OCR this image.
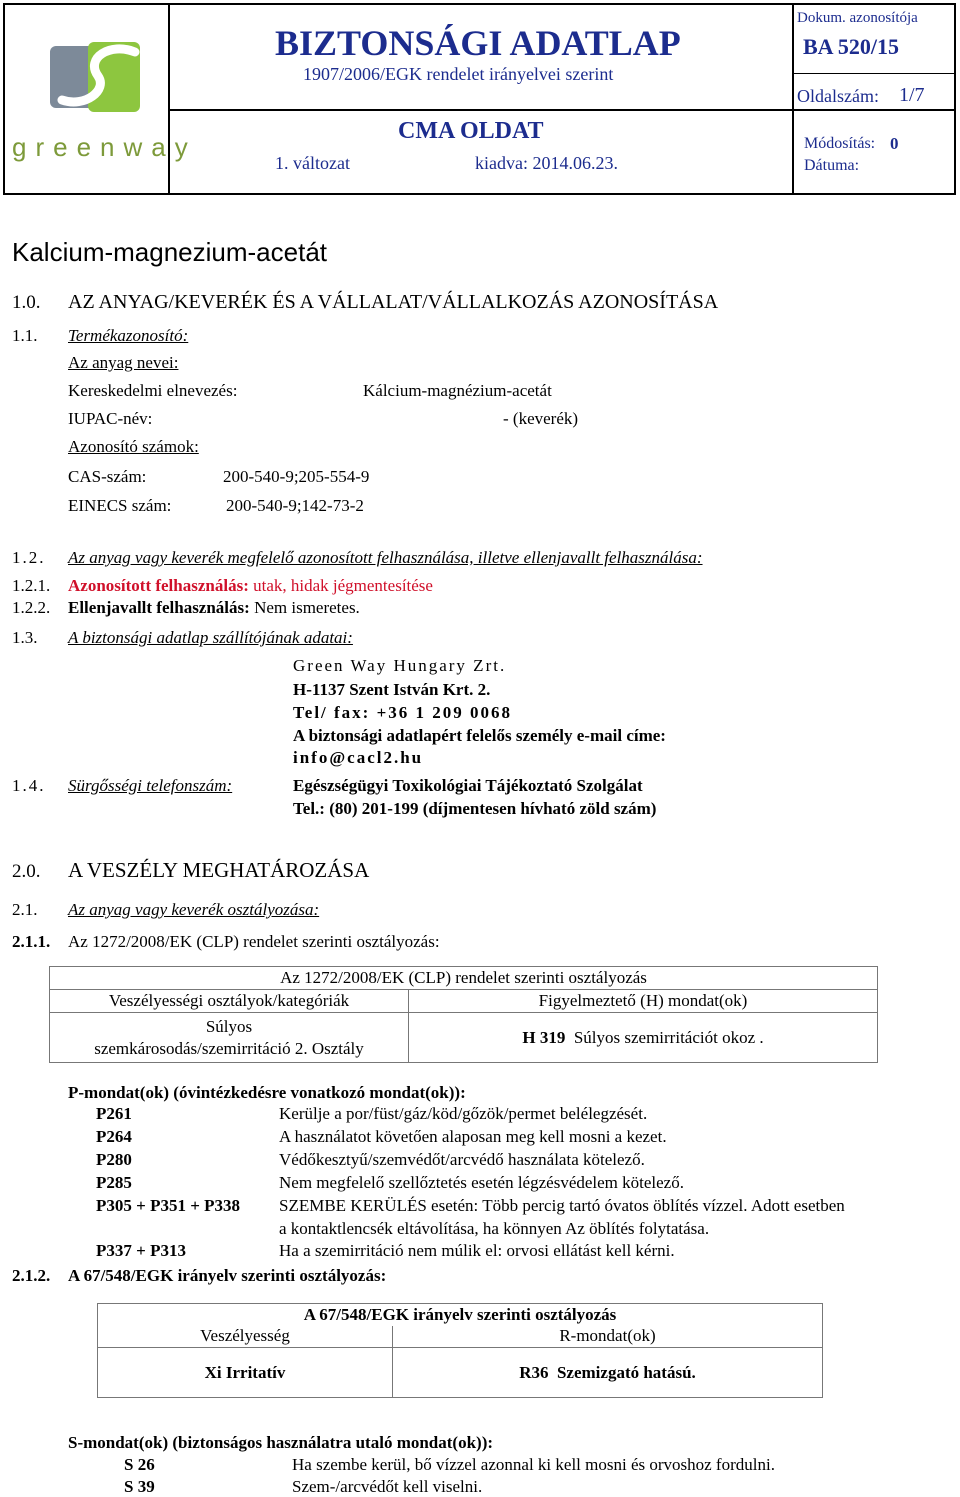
greenway
BIZTONSÁGI ADATLAP
1907/2006/EGK rendelet irányelvei szerint
CMA OLDAT
1. változat	kiadva: 2014.06.23.
Dokum. azonosítója
BA 520/15
Oldalszám: 1/7
Módosítás: 0
Dátuma:
Kalcium-magnezium-acetát
1.0. AZ ANYAG/KEVERÉK ÉS A VÁLLALAT/VÁLLALKOZÁS AZONOSÍTÁSA
1.1. Termékazonosító:
Az anyag nevei:
Kereskedelmi elnevezés:	Kálcium-magnézium-acetát
IUPAC-név:	- (keverék)
Azonosító számok:
CAS-szám:	200-540-9;205-554-9
EINECS szám:	200-540-9;142-73-2
1.2. Az anyag vagy keverék megfelelő azonosított felhasználása, illetve ellenjavallt felhasználása:
1.2.1. Azonosított felhasználás: utak, hidak jégmentesítése
1.2.2. Ellenjavallt felhasználás: Nem ismeretes.
1.3. A biztonsági adatlap szállítójának adatai:
Green Way Hungary Zrt.
H-1137 Szent István Krt. 2.
Tel/ fax: +36 1 209 0068
A biztonsági adatlapért felelős személy e-mail címe:
info@cacl2.hu
1.4. Sürgősségi telefonszám:	Egészségügyi Toxikológiai Tájékoztató Szolgálat
Tel.: (80) 201-199 (díjmentesen hívható zöld szám)
2.0. A VESZÉLY MEGHATÁROZÁSA
2.1. Az anyag vagy keverék osztályozása:
2.1.1. Az 1272/2008/EK (CLP) rendelet szerinti osztályozás:
Az 1272/2008/EK (CLP) rendelet szerinti osztályozás	
Veszélyességi osztályok/kategóriák	Figyelmeztető (H) mondat(ok)

Súlyos
szemkárosodás/szemirritáció 2. Osztály	H 319 Súlyos szemirritációt okoz .
P-mondat(ok) (óvintézkedésre vonatkozó mondat(ok)):
P261	Kerülje a por/füst/gáz/köd/gőzök/permet belélegzését.
P264	A használatot követően alaposan meg kell mosni a kezet.
P280	Védőkesztyű/szemvédőt/arcvédő használata kötelező.
P285	Nem megfelelő szellőztetés esetén légzésvédelem kötelező.
P305 + P351 + P338 SZEMBE KERÜLÉS esetén: Több percig tartó óvatos öblítés vízzel. Adott esetben
a kontaktlencsék eltávolítása, ha könnyen Az öblítés folytatása.
P337 + P313	Ha a szemirritáció nem múlik el: orvosi ellátást kell kérni.
2.1.2. A 67/548/EGK irányelv szerinti osztályozás:
A 67/548/EGK irányelv szerinti osztályozás	
Veszélyesség	R-mondat(ok)
Xi Irritatív	R36 Szemizgató hatású.
S-mondat(ok) (biztonságos használatra utaló mondat(ok)):
S 26	Ha szembe kerül, bő vízzel azonnal ki kell mosni és orvoshoz fordulni.
S 39	Szem-/arcvédőt kell viselni.
